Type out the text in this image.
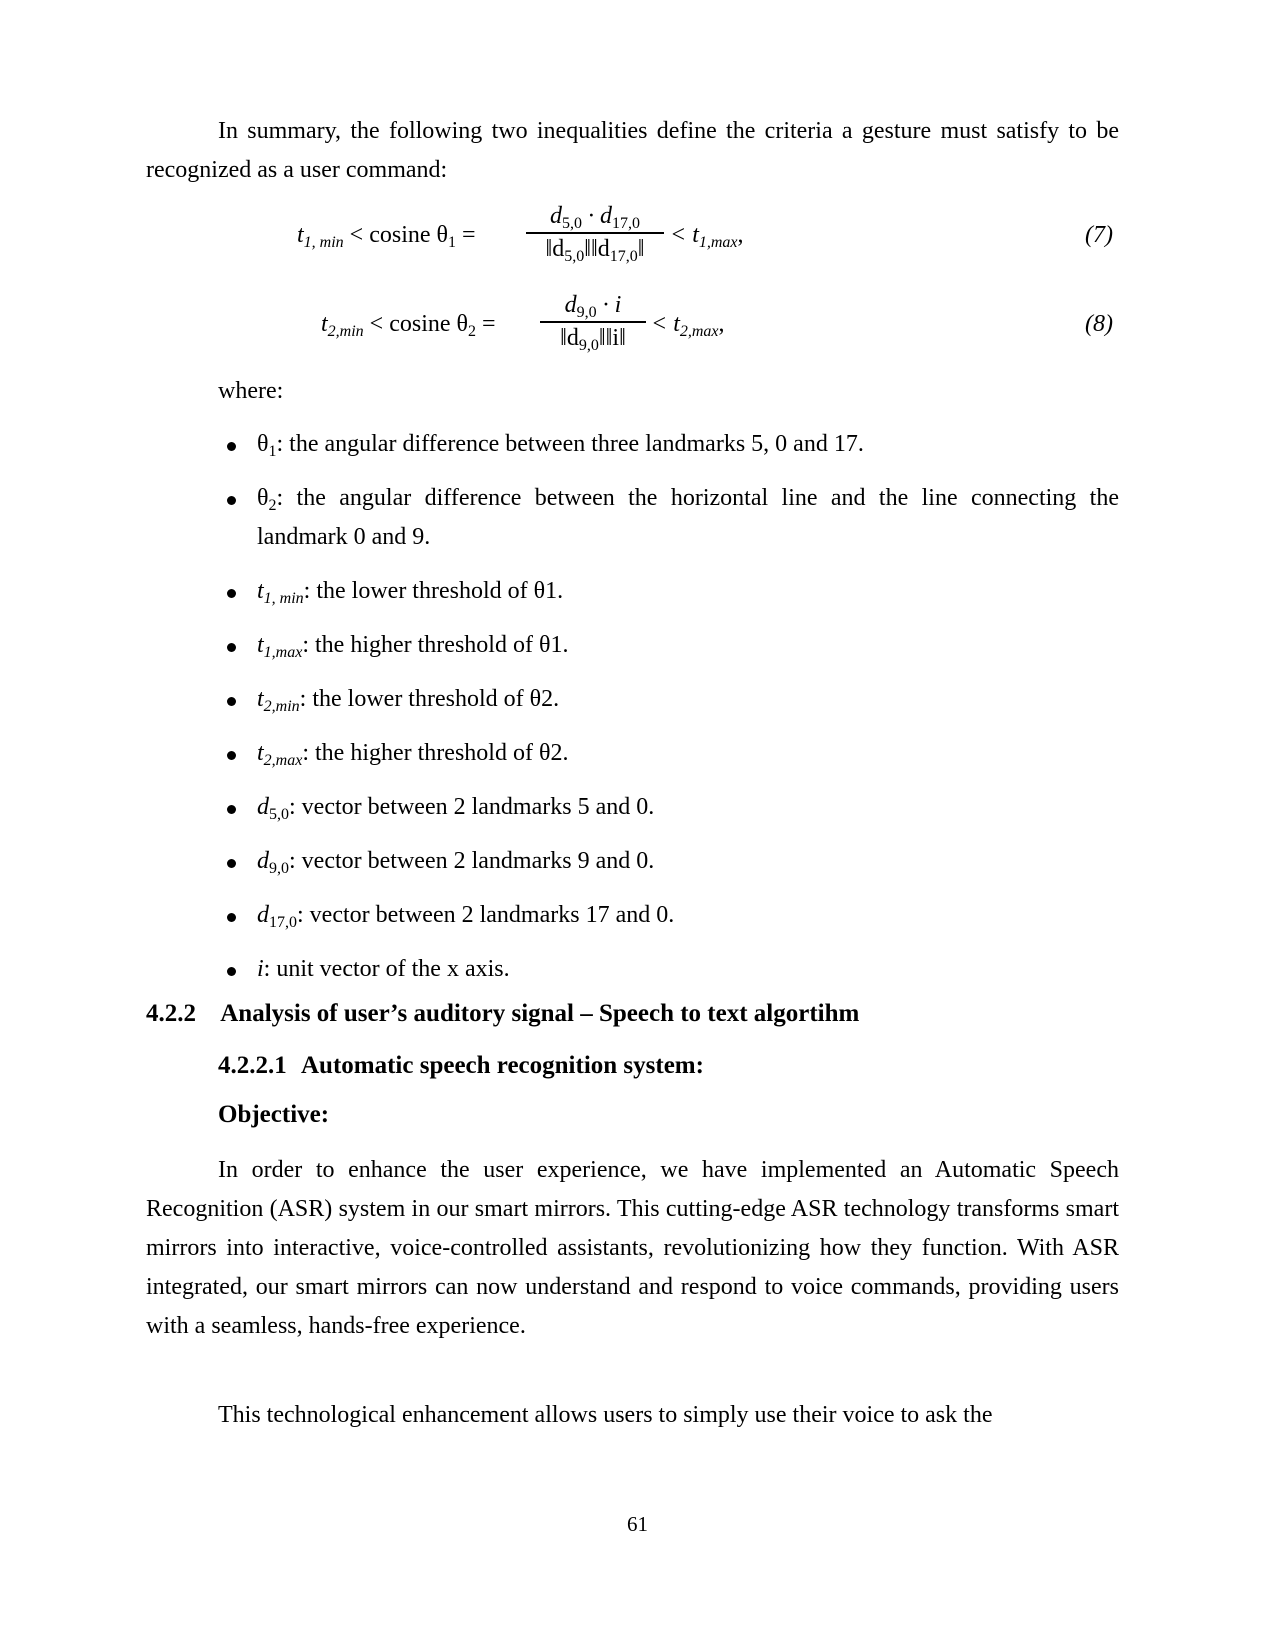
In summary, the following two inequalities define the criteria a gesture must satisfy to be recognized as a user command:
$t_{1, min} < cosine$ $\theta_1 = \frac{d_{5,0} \cdot d_{17,0}}{‖d_{5,0}‖‖d_{17,0}‖} < t_{1,max}$,	(7)
$t_{2,min} < cosine$ $\theta_2 = \frac{d_{9,0} \cdot i}{‖d_{9,0}‖‖i‖} < t_{2,max}$,	(8)
where:
$\theta_1$: the angular difference between three landmarks 5, 0 and 17.
$\theta_2$: the angular difference between the horizontal line and the line connecting the landmark 0 and 9.
$t_{1, min}$: the lower threshold of θ1.
$t_{1,max}$: the higher threshold of θ1.
$t_{2,min}$: the lower threshold of θ2.
$t_{2,max}$: the higher threshold of θ2.
$d_{5,0}$: vector between 2 landmarks 5 and 0.
$d_{9,0}$: vector between 2 landmarks 9 and 0.
$d_{17,0}$: vector between 2 landmarks 17 and 0.
i: unit vector of the x axis.
4.2.2 Analysis of user’s auditory signal – Speech to text algortihm
4.2.2.1 Automatic speech recognition system:
Objective:
In order to enhance the user experience, we have implemented an Automatic Speech Recognition (ASR) system in our smart mirrors. This cutting-edge ASR technology transforms smart mirrors into interactive, voice-controlled assistants, revolutionizing how they function. With ASR integrated, our smart mirrors can now understand and respond to voice commands, providing users with a seamless, hands-free experience.
This technological enhancement allows users to simply use their voice to ask the
61
